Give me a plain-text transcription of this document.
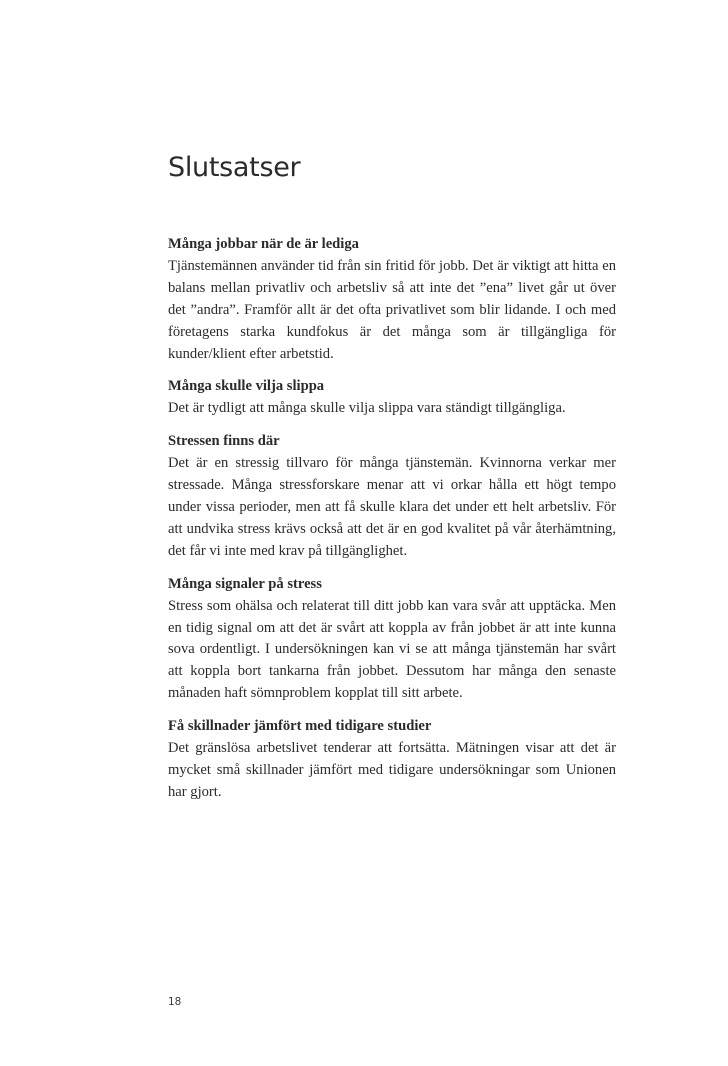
Slutsatser
Många jobbar när de är lediga

Tjänstemännen använder tid från sin fritid för jobb. Det är viktigt att hitta en balans mellan privatliv och arbetsliv så att inte det ”ena” livet går ut över det ”andra”. Framför allt är det ofta privatlivet som blir lidande. I och med företagens starka kundfokus är det många som är tillgängliga för kunder/klient efter arbetstid.

Många skulle vilja slippa

Det är tydligt att många skulle vilja slippa vara ständigt tillgängliga.

Stressen finns där

Det är en stressig tillvaro för många tjänstemän. Kvinnorna verkar mer stressade. Många stressforskare menar att vi orkar hålla ett högt tempo under vissa perioder, men att få skulle klara det under ett helt arbetsliv. För att undvika stress krävs också att det är en god kvalitet på vår återhämtning, det får vi inte med krav på tillgänglighet.

Många signaler på stress

Stress som ohälsa och relaterat till ditt jobb kan vara svår att upptäcka. Men en tidig signal om att det är svårt att koppla av från jobbet är att inte kunna sova ordentligt. I undersökningen kan vi se att många tjänstemän har svårt att koppla bort tankarna från jobbet. Dessutom har många den senaste månaden haft sömnproblem kopplat till sitt arbete.

Få skillnader jämfört med tidigare studier

Det gränslösa arbetslivet tenderar att fortsätta. Mätningen visar att det är mycket små skillnader jämfört med tidigare undersökningar som Unionen har gjort.

18
